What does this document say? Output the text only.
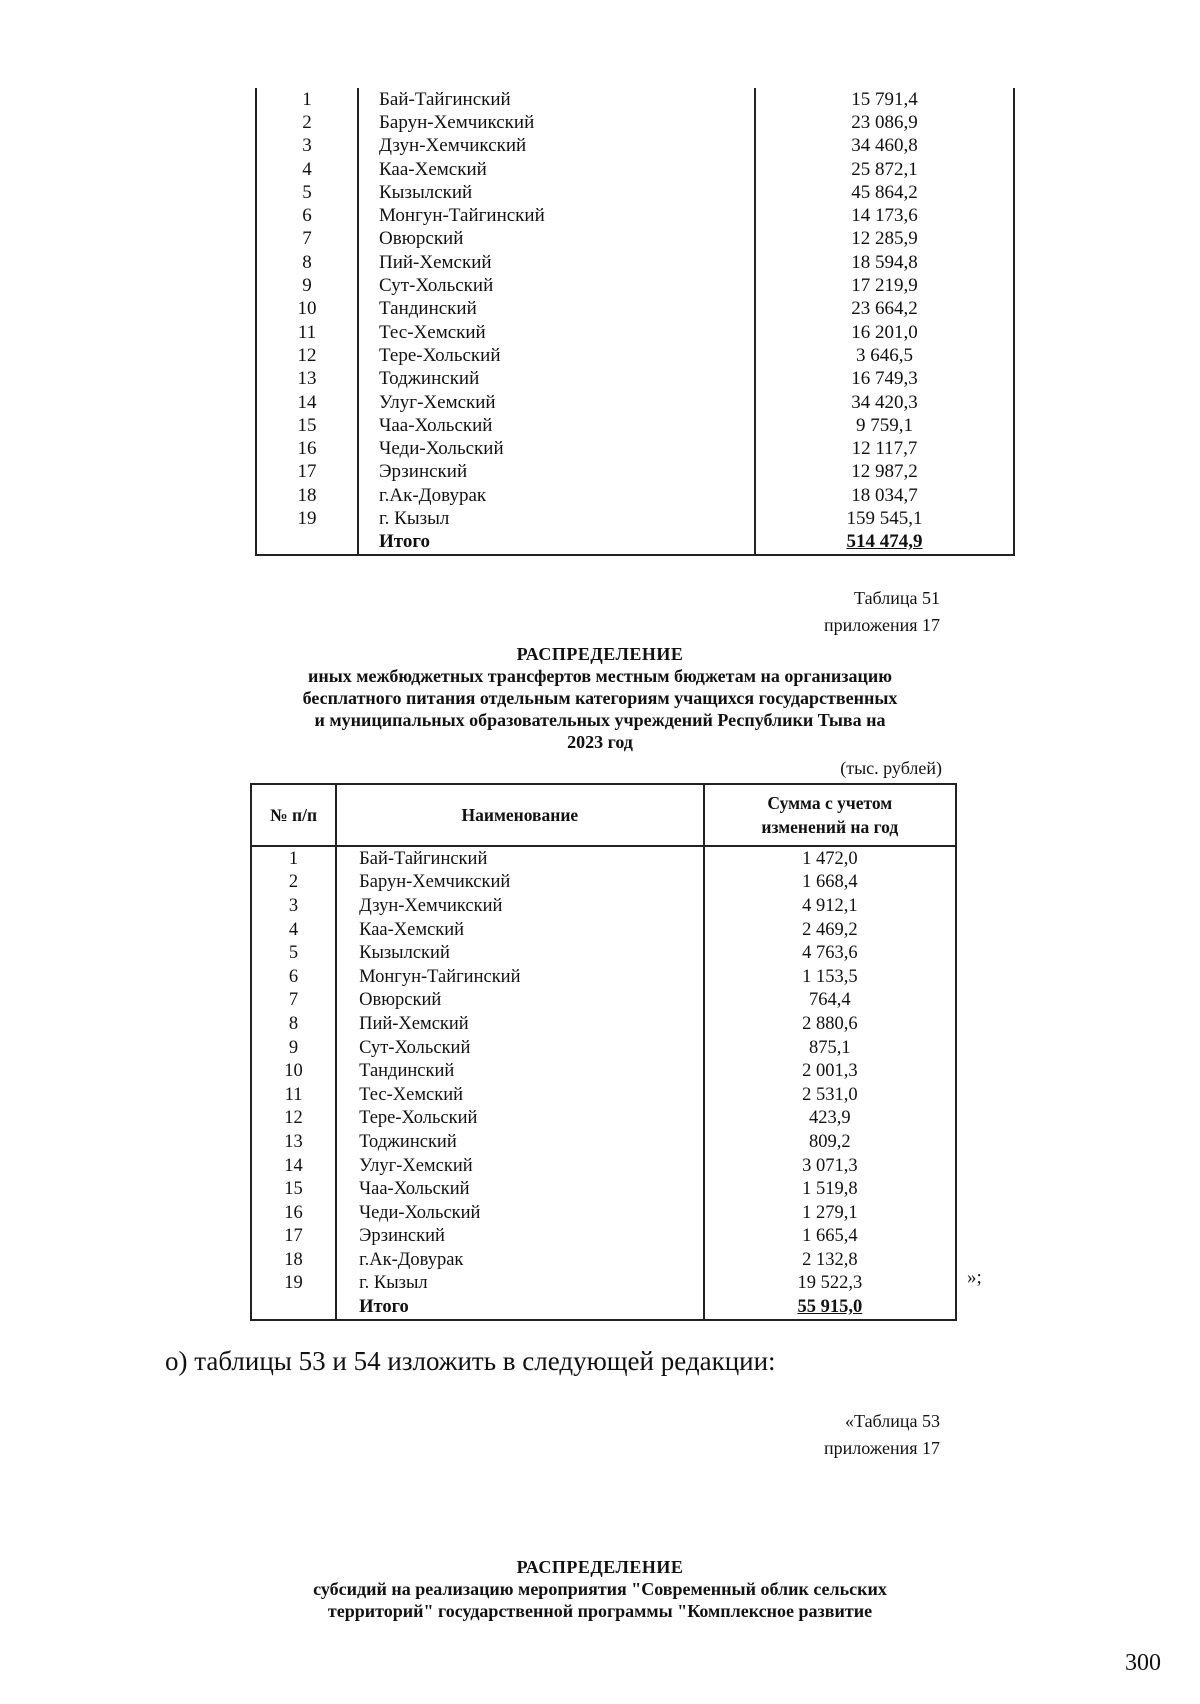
1	Бай-Тайгинский	15 791,4
2	Барун-Хемчикский	23 086,9
3	Дзун-Хемчикский	34 460,8
4	Каа-Хемский	25 872,1
5	Кызылский	45 864,2
6	Монгун-Тайгинский	14 173,6
7	Овюрский	12 285,9
8	Пий-Хемский	18 594,8
9	Сут-Хольский	17 219,9
10	Тандинский	23 664,2
11	Тес-Хемский	16 201,0
12	Тере-Хольский	3 646,5
13	Тоджинский	16 749,3
14	Улуг-Хемский	34 420,3
15	Чаа-Хольский	9 759,1
16	Чеди-Хольский	12 117,7
17	Эрзинский	12 987,2
18	г.Ак-Довурак	18 034,7
19	г. Кызыл	159 545,1
	Итого	514 474,9
Таблица 51
приложения 17
РАСПРЕДЕЛЕНИЕ
иных межбюджетных трансфертов местным бюджетам на организацию
бесплатного питания отдельным категориям учащихся государственных
и муниципальных образовательных учреждений Республики Тыва на
2023 год
(тыс. рублей)
№ п/п	Наименование	Сумма с учетом
изменений на год

1	Бай-Тайгинский	1 472,0
2	Барун-Хемчикский	1 668,4
3	Дзун-Хемчикский	4 912,1
4	Каа-Хемский	2 469,2
5	Кызылский	4 763,6
6	Монгун-Тайгинский	1 153,5
7	Овюрский	764,4
8	Пий-Хемский	2 880,6
9	Сут-Хольский	875,1
10	Тандинский	2 001,3
11	Тес-Хемский	2 531,0
12	Тере-Хольский	423,9
13	Тоджинский	809,2
14	Улуг-Хемский	3 071,3
15	Чаа-Хольский	1 519,8
16	Чеди-Хольский	1 279,1
17	Эрзинский	1 665,4
18	г.Ак-Довурак	2 132,8
19	г. Кызыл	19 522,3
	Итого	55 915,0
»;
о) таблицы 53 и 54 изложить в следующей редакции:
«Таблица 53
приложения 17
РАСПРЕДЕЛЕНИЕ
субсидий на реализацию мероприятия "Современный облик сельских
территорий" государственной программы "Комплексное развитие
300
